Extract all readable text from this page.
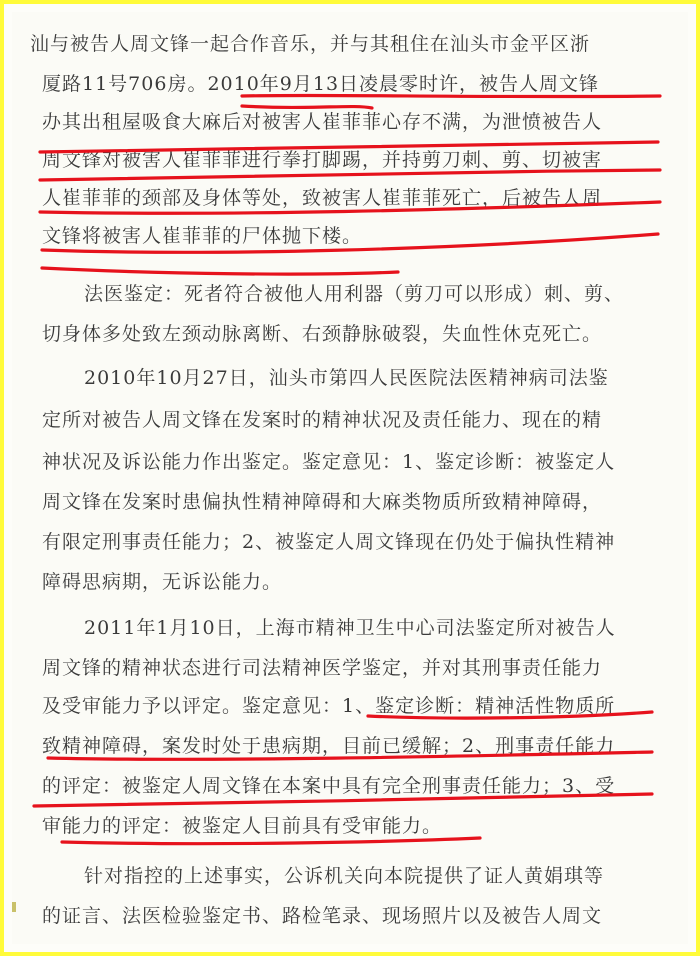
汕与被告人周文锋一起合作音乐，并与其租住在汕头市金平区浙
厦路11号706房。2010年9月13日凌晨零时许，被告人周文锋
办其出租屋吸食大麻后对被害人崔菲菲心存不满，为泄愤被告人
周文锋对被害人崔菲菲进行拳打脚踢，并持剪刀刺、剪、切被害
人崔菲菲的颈部及身体等处，致被害人崔菲菲死亡，后被告人周
文锋将被害人崔菲菲的尸体抛下楼。
法医鉴定：死者符合被他人用利器（剪刀可以形成）刺、剪、
切身体多处致左颈动脉离断、右颈静脉破裂，失血性休克死亡。
2010年10月27日，汕头市第四人民医院法医精神病司法鉴
定所对被告人周文锋在发案时的精神状况及责任能力、现在的精
神状况及诉讼能力作出鉴定。鉴定意见：1、鉴定诊断：被鉴定人
周文锋在发案时患偏执性精神障碍和大麻类物质所致精神障碍，
有限定刑事责任能力；2、被鉴定人周文锋现在仍处于偏执性精神
障碍思病期，无诉讼能力。
2011年1月10日，上海市精神卫生中心司法鉴定所对被告人
周文锋的精神状态进行司法精神医学鉴定，并对其刑事责任能力
及受审能力予以评定。鉴定意见：1、鉴定诊断：精神活性物质所
致精神障碍，案发时处于患病期，目前已缓解；2、刑事责任能力
的评定：被鉴定人周文锋在本案中具有完全刑事责任能力；3、受
审能力的评定：被鉴定人目前具有受审能力。
针对指控的上述事实，公诉机关向本院提供了证人黄娟琪等
的证言、法医检验鉴定书、路检笔录、现场照片以及被告人周文
